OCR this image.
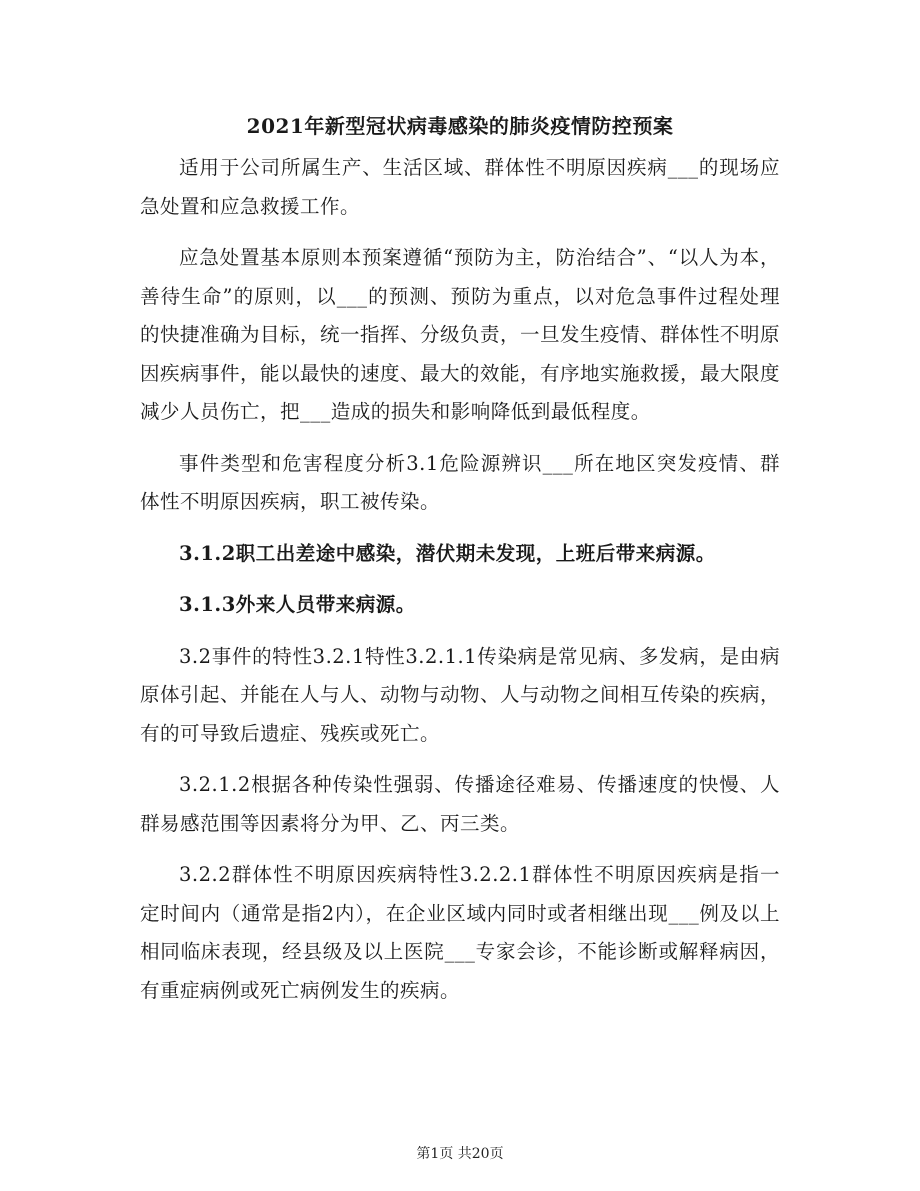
2021年新型冠状病毒感染的肺炎疫情防控预案

适用于公司所属生产、生活区域、群体性不明原因疾病___的现场应急处置和应急救援工作。

应急处置基本原则本预案遵循“预防为主，防治结合”、“以人为本，善待生命”的原则，以___的预测、预防为重点，以对危急事件过程处理的快捷准确为目标，统一指挥、分级负责，一旦发生疫情、群体性不明原因疾病事件，能以最快的速度、最大的效能，有序地实施救援，最大限度减少人员伤亡，把___造成的损失和影响降低到最低程度。

事件类型和危害程度分析3.1危险源辨识___所在地区突发疫情、群体性不明原因疾病，职工被传染。

3.1.2职工出差途中感染，潜伏期未发现，上班后带来病源。

3.1.3外来人员带来病源。

3.2事件的特性3.2.1特性3.2.1.1传染病是常见病、多发病，是由病原体引起、并能在人与人、动物与动物、人与动物之间相互传染的疾病，有的可导致后遗症、残疾或死亡。

3.2.1.2根据各种传染性强弱、传播途径难易、传播速度的快慢、人群易感范围等因素将分为甲、乙、丙三类。

3.2.2群体性不明原因疾病特性3.2.2.1群体性不明原因疾病是指一定时间内（通常是指2内），在企业区域内同时或者相继出现___例及以上相同临床表现，经县级及以上医院___专家会诊，不能诊断或解释病因，有重症病例或死亡病例发生的疾病。

第1页 共20页
